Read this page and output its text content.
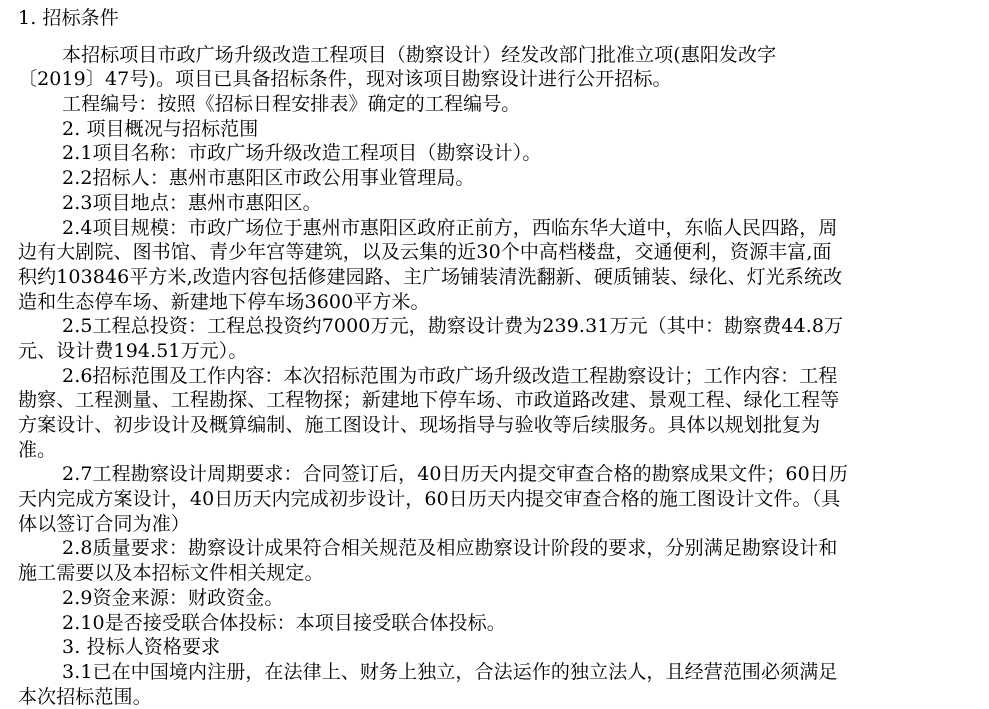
1. 招标条件
本招标项目市政广场升级改造工程项目（勘察设计）经发改部门批准立项(惠阳发改字
〔2019〕47号)。项目已具备招标条件，现对该项目勘察设计进行公开招标。
工程编号：按照《招标日程安排表》确定的工程编号。
2. 项目概况与招标范围
2.1项目名称：市政广场升级改造工程项目（勘察设计）。
2.2招标人：惠州市惠阳区市政公用事业管理局。
2.3项目地点：惠州市惠阳区。
2.4项目规模：市政广场位于惠州市惠阳区政府正前方，西临东华大道中，东临人民四路，周
边有大剧院、图书馆、青少年宫等建筑，以及云集的近30个中高档楼盘，交通便利，资源丰富,面
积约103846平方米,改造内容包括修建园路、主广场铺装清洗翻新、硬质铺装、绿化、灯光系统改
造和生态停车场、新建地下停车场3600平方米。
2.5工程总投资：工程总投资约7000万元，勘察设计费为239.31万元（其中：勘察费44.8万
元、设计费194.51万元）。
2.6招标范围及工作内容：本次招标范围为市政广场升级改造工程勘察设计；工作内容：工程
勘察、工程测量、工程勘探、工程物探；新建地下停车场、市政道路改建、景观工程、绿化工程等
方案设计、初步设计及概算编制、施工图设计、现场指导与验收等后续服务。具体以规划批复为
准。
2.7工程勘察设计周期要求：合同签订后，40日历天内提交审查合格的勘察成果文件；60日历
天内完成方案设计，40日历天内完成初步设计，60日历天内提交审查合格的施工图设计文件。（具
体以签订合同为准）
2.8质量要求：勘察设计成果符合相关规范及相应勘察设计阶段的要求，分别满足勘察设计和
施工需要以及本招标文件相关规定。
2.9资金来源：财政资金。
2.10是否接受联合体投标：本项目接受联合体投标。
3. 投标人资格要求
3.1已在中国境内注册，在法律上、财务上独立，合法运作的独立法人，且经营范围必须满足
本次招标范围。
